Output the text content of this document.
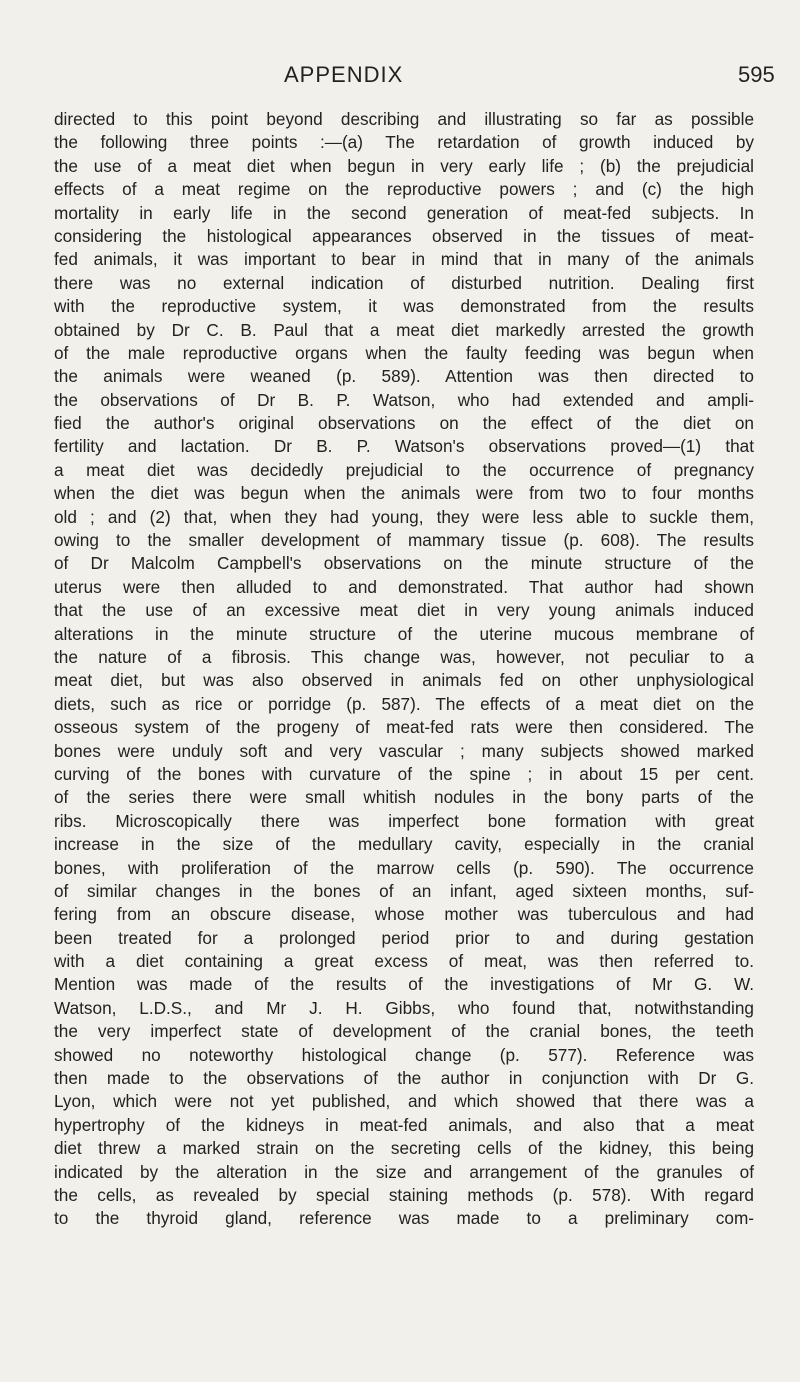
APPENDIX	595
directed to this point beyond describing and illustrating so far as possible
the following three points :—(a) The retardation of growth induced by
the use of a meat diet when begun in very early life ; (b) the prejudicial
effects of a meat regime on the reproductive powers ; and (c) the high
mortality in early life in the second generation of meat-fed subjects. In
considering the histological appearances observed in the tissues of meat-
fed animals, it was important to bear in mind that in many of the animals
there was no external indication of disturbed nutrition. Dealing first
with the reproductive system, it was demonstrated from the results
obtained by Dr C. B. Paul that a meat diet markedly arrested the growth
of the male reproductive organs when the faulty feeding was begun when
the animals were weaned (p. 589). Attention was then directed to
the observations of Dr B. P. Watson, who had extended and ampli-
fied the author's original observations on the effect of the diet on
fertility and lactation. Dr B. P. Watson's observations proved—(1) that
a meat diet was decidedly prejudicial to the occurrence of pregnancy
when the diet was begun when the animals were from two to four months
old ; and (2) that, when they had young, they were less able to suckle them,
owing to the smaller development of mammary tissue (p. 608). The results
of Dr Malcolm Campbell's observations on the minute structure of the
uterus were then alluded to and demonstrated. That author had shown
that the use of an excessive meat diet in very young animals induced
alterations in the minute structure of the uterine mucous membrane of
the nature of a fibrosis. This change was, however, not peculiar to a
meat diet, but was also observed in animals fed on other unphysiological
diets, such as rice or porridge (p. 587). The effects of a meat diet on the
osseous system of the progeny of meat-fed rats were then considered. The
bones were unduly soft and very vascular ; many subjects showed marked
curving of the bones with curvature of the spine ; in about 15 per cent.
of the series there were small whitish nodules in the bony parts of the
ribs. Microscopically there was imperfect bone formation with great
increase in the size of the medullary cavity, especially in the cranial
bones, with proliferation of the marrow cells (p. 590). The occurrence
of similar changes in the bones of an infant, aged sixteen months, suf-
fering from an obscure disease, whose mother was tuberculous and had
been treated for a prolonged period prior to and during gestation
with a diet containing a great excess of meat, was then referred to.
Mention was made of the results of the investigations of Mr G. W.
Watson, L.D.S., and Mr J. H. Gibbs, who found that, notwithstanding
the very imperfect state of development of the cranial bones, the teeth
showed no noteworthy histological change (p. 577). Reference was
then made to the observations of the author in conjunction with Dr G.
Lyon, which were not yet published, and which showed that there was a
hypertrophy of the kidneys in meat-fed animals, and also that a meat
diet threw a marked strain on the secreting cells of the kidney, this being
indicated by the alteration in the size and arrangement of the granules of
the cells, as revealed by special staining methods (p. 578). With regard
to the thyroid gland, reference was made to a preliminary com-
